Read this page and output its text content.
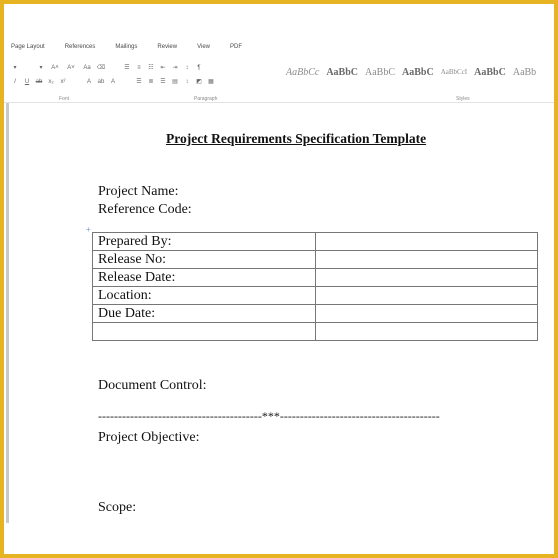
Page Layout	References	Mailings	Review	View	PDF
▾	▾	A˄	A˅	Aa	⌫	☰	≡	☷	⇤	⇥	↕	¶
I	U	ab x₂	x²	A	ab	A	☰	≣	☰	▤	↕	◩	▦
AaBbCc AaBbC AaBbC AaBbC AaBbCcI AaBbC AaBb
Font	Paragraph	Styles
Project Requirements Specification Template
Project Name:
Reference Code:
+
Prepared By:	
Release No:	
Release Date:	
Location:	
Due Date:	

Document Control:
-----------------------------------------***----------------------------------------
Project Objective:
Scope:
